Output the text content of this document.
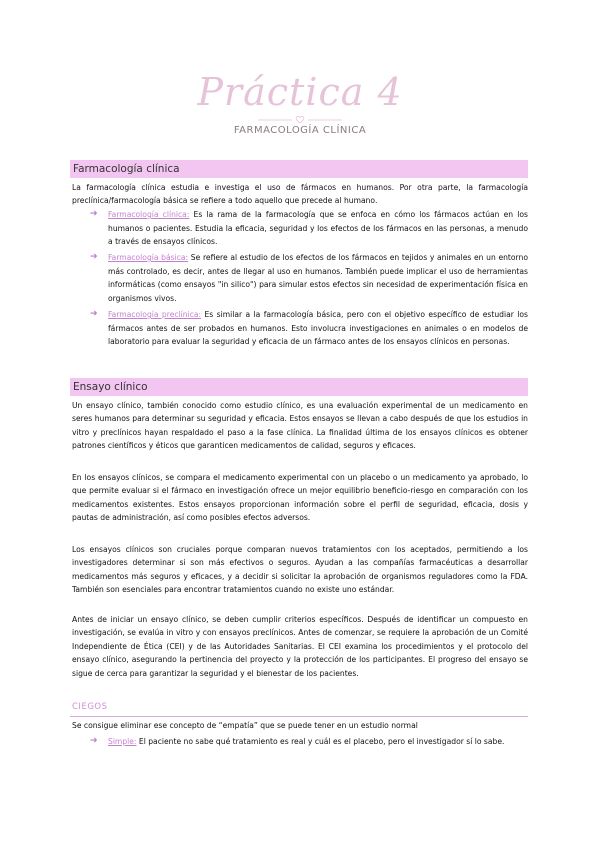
Práctica 4
FARMACOLOGÍA CLÍNICA
Farmacología clínica
La farmacología clínica estudia e investiga el uso de fármacos en humanos. Por otra parte, la farmacología preclínica/farmacología básica se refiere a todo aquello que precede al humano.
➔	Farmacología clínica: Es la rama de la farmacología que se enfoca en cómo los fármacos actúan en los humanos o pacientes. Estudia la eficacia, seguridad y los efectos de los fármacos en las personas, a menudo a través de ensayos clínicos.
➔	Farmacología básica: Se refiere al estudio de los efectos de los fármacos en tejidos y animales en un entorno más controlado, es decir, antes de llegar al uso en humanos. También puede implicar el uso de herramientas informáticas (como ensayos "in silico") para simular estos efectos sin necesidad de experimentación física en organismos vivos.
➔	Farmacología preclínica: Es similar a la farmacología básica, pero con el objetivo específico de estudiar los fármacos antes de ser probados en humanos. Esto involucra investigaciones en animales o en modelos de laboratorio para evaluar la seguridad y eficacia de un fármaco antes de los ensayos clínicos en personas.
Ensayo clínico
Un ensayo clínico, también conocido como estudio clínico, es una evaluación experimental de un medicamento en seres humanos para determinar su seguridad y eficacia. Estos ensayos se llevan a cabo después de que los estudios in vitro y preclínicos hayan respaldado el paso a la fase clínica. La finalidad última de los ensayos clínicos es obtener patrones científicos y éticos que garanticen medicamentos de calidad, seguros y eficaces.
En los ensayos clínicos, se compara el medicamento experimental con un placebo o un medicamento ya aprobado, lo que permite evaluar si el fármaco en investigación ofrece un mejor equilibrio beneficio-riesgo en comparación con los medicamentos existentes. Estos ensayos proporcionan información sobre el perfil de seguridad, eficacia, dosis y pautas de administración, así como posibles efectos adversos.
Los ensayos clínicos son cruciales porque comparan nuevos tratamientos con los aceptados, permitiendo a los investigadores determinar si son más efectivos o seguros. Ayudan a las compañías farmacéuticas a desarrollar medicamentos más seguros y eficaces, y a decidir si solicitar la aprobación de organismos reguladores como la FDA. También son esenciales para encontrar tratamientos cuando no existe uno estándar.
Antes de iniciar un ensayo clínico, se deben cumplir criterios específicos. Después de identificar un compuesto en investigación, se evalúa in vitro y con ensayos preclínicos. Antes de comenzar, se requiere la aprobación de un Comité Independiente de Ética (CEI) y de las Autoridades Sanitarias. El CEI examina los procedimientos y el protocolo del ensayo clínico, asegurando la pertinencia del proyecto y la protección de los participantes. El progreso del ensayo se sigue de cerca para garantizar la seguridad y el bienestar de los pacientes.
CIEGOS
Se consigue eliminar ese concepto de “empatía” que se puede tener en un estudio normal
➔	Simple: El paciente no sabe qué tratamiento es real y cuál es el placebo, pero el investigador sí lo sabe.
